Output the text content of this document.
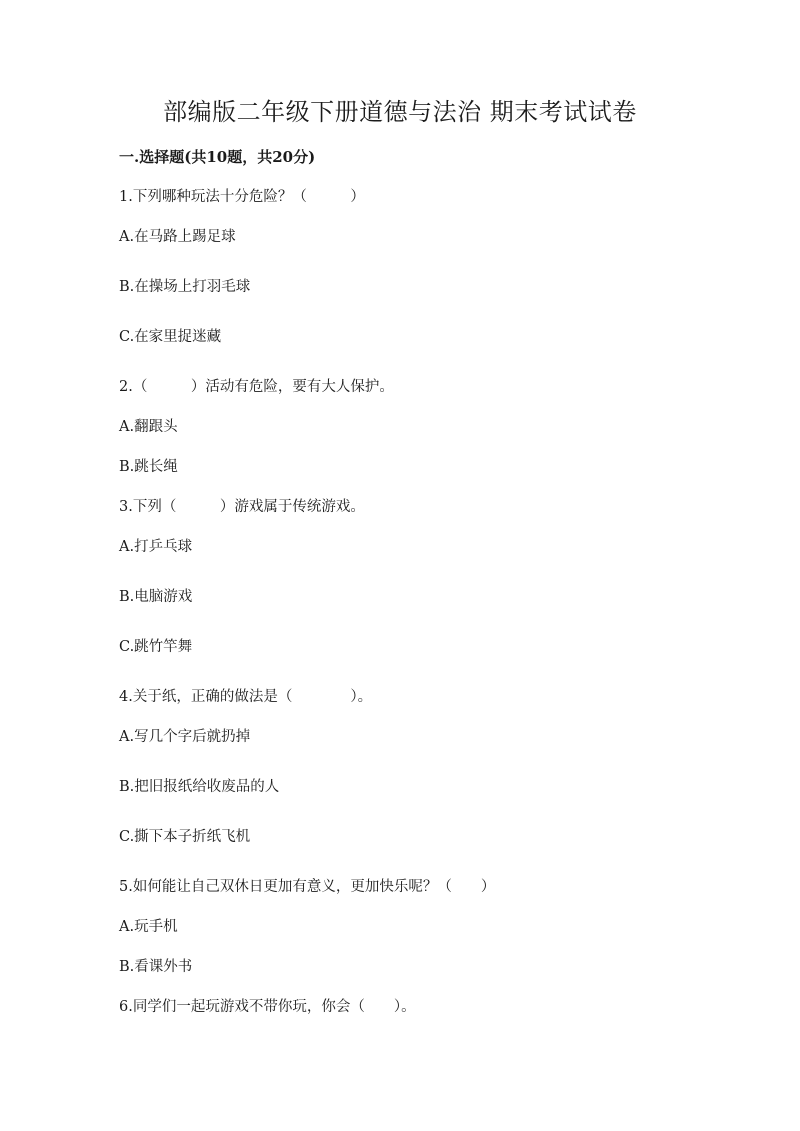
部编版二年级下册道德与法治 期末考试试卷
一.选择题(共10题，共20分)
1.下列哪种玩法十分危险？（　　　）
A.在马路上踢足球
B.在操场上打羽毛球
C.在家里捉迷藏
2.（　　　）活动有危险，要有大人保护。
A.翻跟头
B.跳长绳
3.下列（　　　）游戏属于传统游戏。
A.打乒乓球
B.电脑游戏
C.跳竹竿舞
4.关于纸，正确的做法是（　　　　）。
A.写几个字后就扔掉
B.把旧报纸给收废品的人
C.撕下本子折纸飞机
5.如何能让自己双休日更加有意义，更加快乐呢？（　　）
A.玩手机
B.看课外书
6.同学们一起玩游戏不带你玩，你会（　　）。
